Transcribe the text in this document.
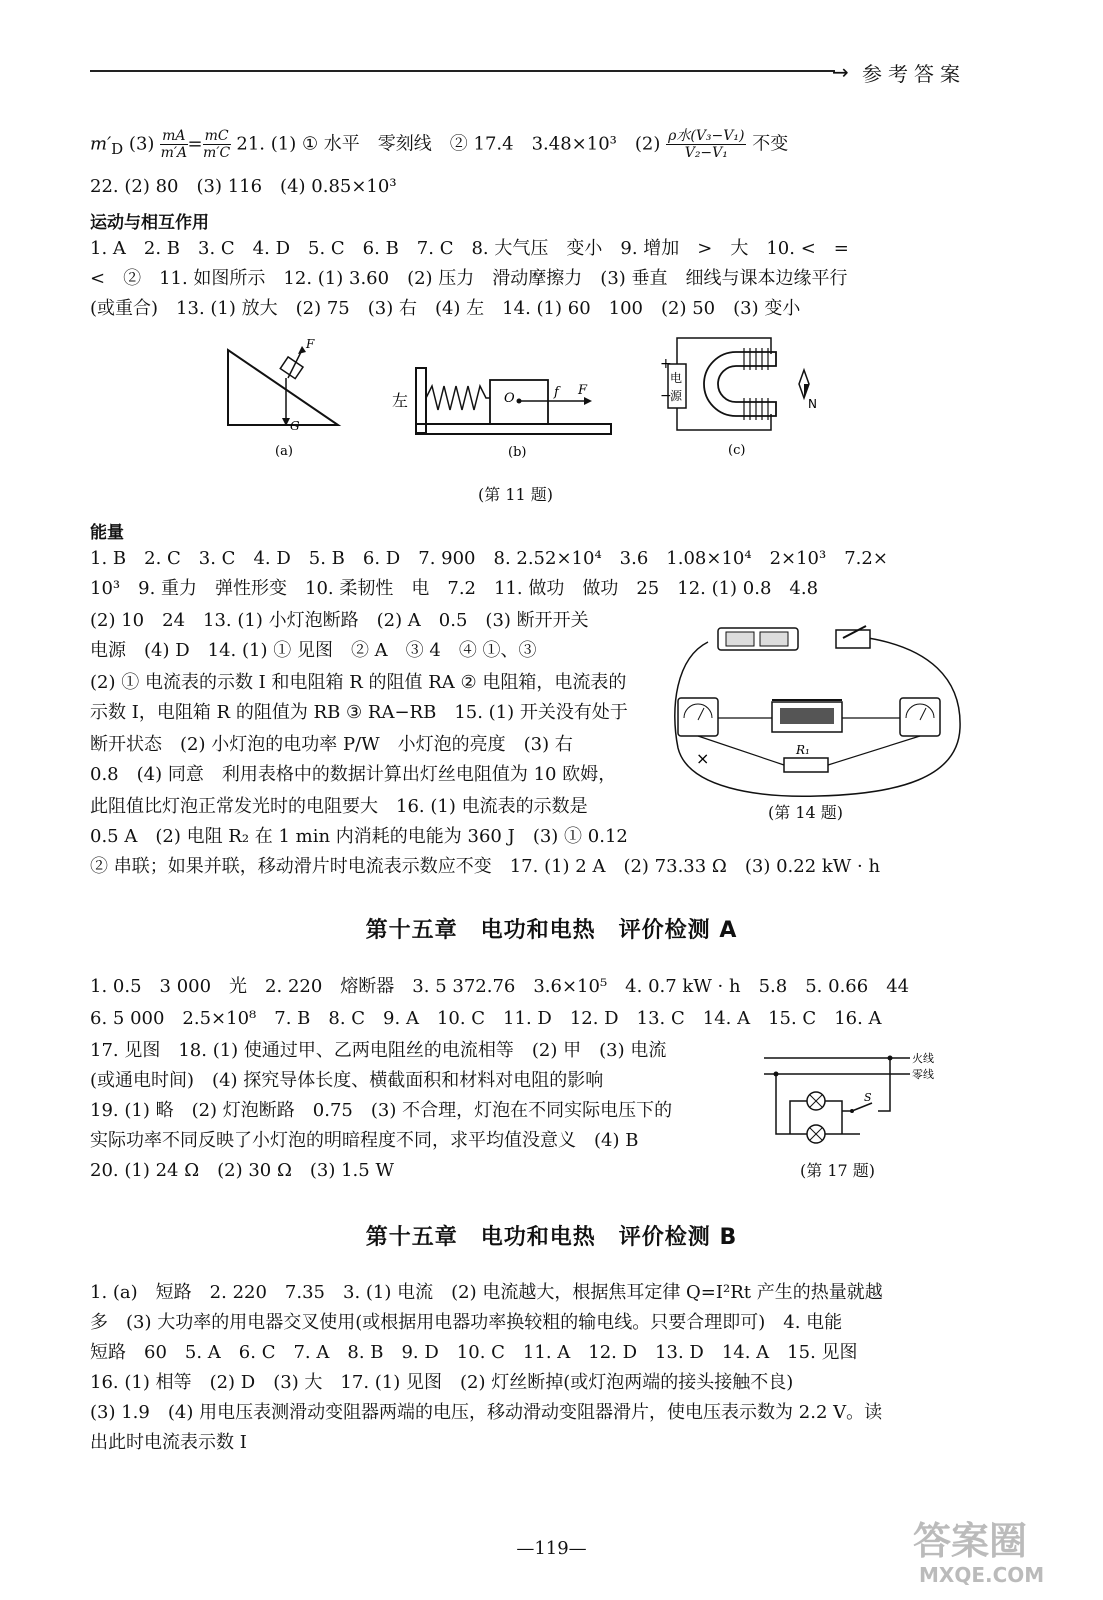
→ 参考答案
$m'_D$ $(3) \frac{mA}{m'A} = \frac{mC}{m'C} 21$. (1) ① 水平　零刻线　② 17.4　3.48×10³　$(2) \frac{\text{ρ水(V₃−V₁)}}{\text{V₂−V₁}}$ 不变
22. (2) 80　(3) 116　(4) 0.85×10³
运动与相互作用
1. A　2. B　3. C　4. D　5. C　6. B　7. C　8. 大气压　变小　9. 增加　>　大　10. <　=
<　②　11. 如图所示　12. (1) 3.60　(2) 压力　滑动摩擦力　(3) 垂直　细线与课本边缘平行
(或重合)　13. (1) 放大　(2) 75　(3) 右　(4) 左　14. (1) 60　100　(2) 50　(3) 变小
F
G
(a)
左	O	f F
(b)
+
−
电
源
N
(c)
(第 11 题)
能量
1. B　2. C　3. C　4. D　5. B　6. D　7. 900　8. 2.52×10⁴　3.6　1.08×10⁴　2×10³　7.2×
10³　9. 重力　弹性形变　10. 柔韧性　电　7.2　11. 做功　做功　25　12. (1) 0.8　4.8
(2) 10　24　13. (1) 小灯泡断路　(2) A　0.5　(3) 断开开关
电源　(4) D　14. (1) ① 见图　② A　③ 4　④ ①、③
(2) ① 电流表的示数 I 和电阻箱 R 的阻值 RA ② 电阻箱，电流表的
示数 I，电阻箱 R 的阻值为 RB ③ RA−RB　15. (1) 开关没有处于
断开状态　(2) 小灯泡的电功率 P/W　小灯泡的亮度　(3) 右
0.8　(4) 同意　利用表格中的数据计算出灯丝电阻值为 10 欧姆，
此阻值比灯泡正常发光时的电阻要大　16. (1) 电流表的示数是
0.5 A　(2) 电阻 R₂ 在 1 min 内消耗的电能为 360 J　(3) ① 0.12
② 串联；如果并联，移动滑片时电流表示数应不变　17. (1) 2 A　(2) 73.33 Ω　(3) 0.22 kW · h
R₁
×
(第 14 题)
第十五章　电功和电热　评价检测 A
1. 0.5　3 000　光　2. 220　熔断器　3. 5 372.76　3.6×10⁵　4. 0.7 kW · h　5.8　5. 0.66　44
6. 5 000　2.5×10⁸　7. B　8. C　9. A　10. C　11. D　12. D　13. C　14. A　15. C　16. A
17. 见图　18. (1) 使通过甲、乙两电阻丝的电流相等　(2) 甲　(3) 电流
(或通电时间)　(4) 探究导体长度、横截面积和材料对电阻的影响
19. (1) 略　(2) 灯泡断路　0.75　(3) 不合理，灯泡在不同实际电压下的
实际功率不同反映了小灯泡的明暗程度不同，求平均值没意义　(4) B
20. (1) 24 Ω　(2) 30 Ω　(3) 1.5 W
火线
零线
S
(第 17 题)
第十五章　电功和电热　评价检测 B
1. (a)　短路　2. 220　7.35　3. (1) 电流　(2) 电流越大，根据焦耳定律 Q=I²Rt 产生的热量就越
多　(3) 大功率的用电器交叉使用(或根据用电器功率换较粗的输电线。只要合理即可)　4. 电能
短路　60　5. A　6. C　7. A　8. B　9. D　10. C　11. A　12. D　13. D　14. A　15. 见图
16. (1) 相等　(2) D　(3) 大　17. (1) 见图　(2) 灯丝断掉(或灯泡两端的接头接触不良)
(3) 1.9　(4) 用电压表测滑动变阻器两端的电压，移动滑动变阻器滑片，使电压表示数为 2.2 V。读
出此时电流表示数 I
—119—	答案圈
MXQE.COM
